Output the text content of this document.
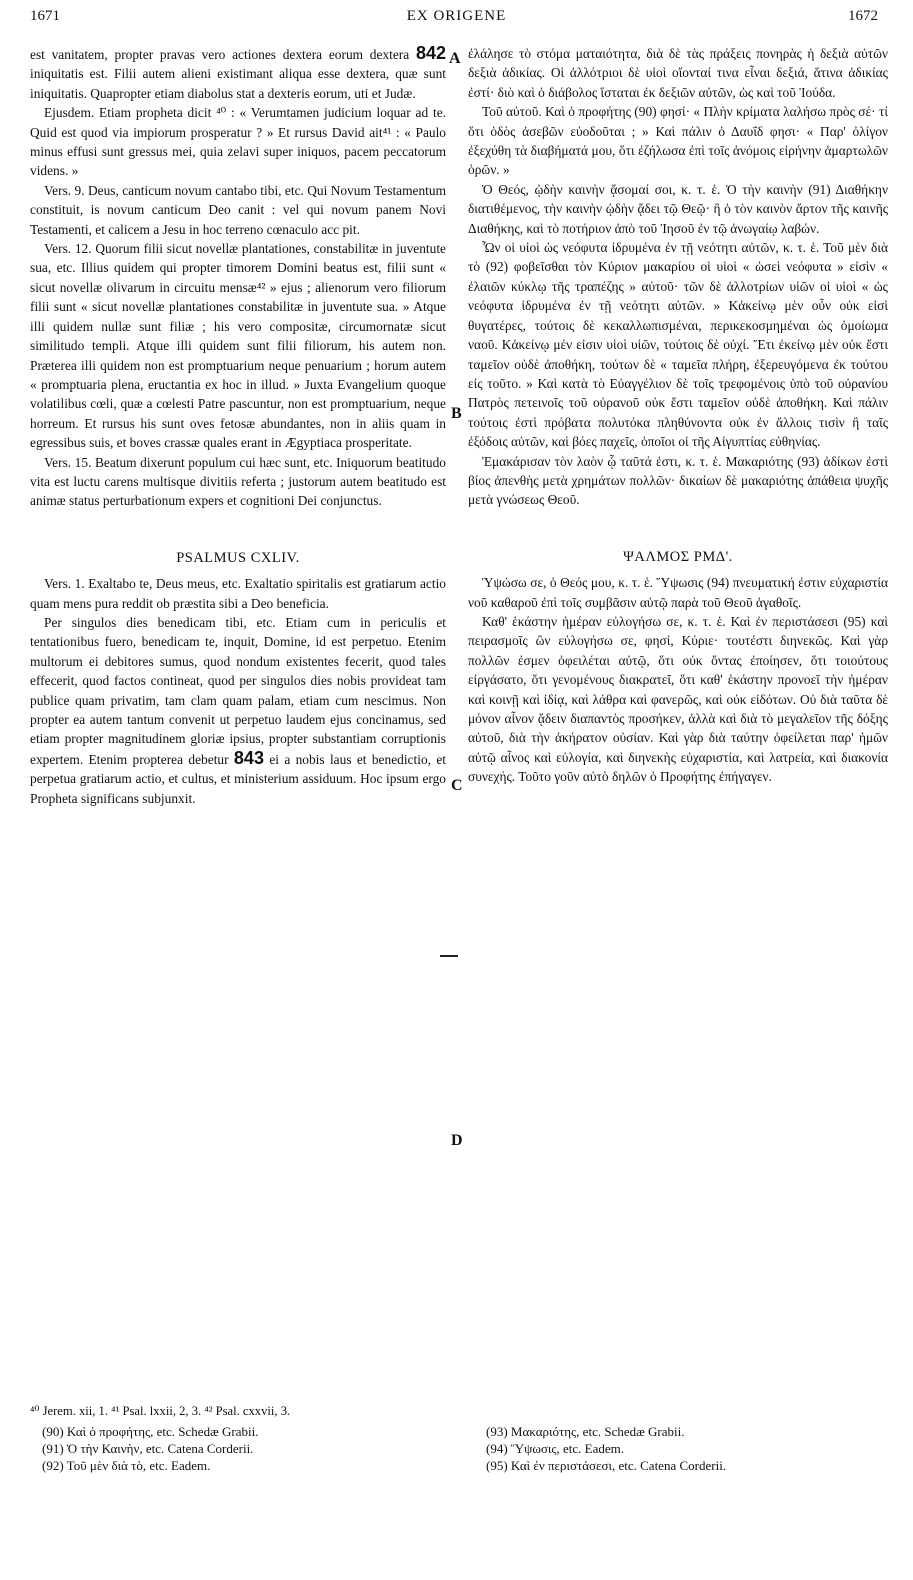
1671	EX ORIGENE	1672
A
B
C
D

est vanitatem, propter pravas vero actiones dextera eorum dextera 842 iniquitatis est. Filii autem alieni existimant aliqua esse dextera, quæ sunt iniquitatis. Quapropter etiam diabolus stat a dexteris eorum, uti et Judæ.

Ejusdem. Etiam propheta dicit ⁴⁰ : « Verumtamen judicium loquar ad te. Quid est quod via impiorum prosperatur ? » Et rursus David ait⁴¹ : « Paulo minus effusi sunt gressus mei, quia zelavi super iniquos, pacem peccatorum videns. »

Vers. 9. Deus, canticum novum cantabo tibi, etc. Qui Novum Testamentum constituit, is novum canticum Deo canit : vel qui novum panem Novi Testamenti, et calicem a Jesu in hoc terreno cœnaculo acc pit.

Vers. 12. Quorum filii sicut novellæ plantationes, constabilitæ in juventute sua, etc. Illius quidem qui propter timorem Domini beatus est, filii sunt « sicut novellæ olivarum in circuitu mensæ⁴² » ejus ; alienorum vero filiorum filii sunt « sicut novellæ plantationes constabilitæ in juventute sua. » Atque illi quidem nullæ sunt filiæ ; his vero compositæ, circumornatæ sicut similitudo templi. Atque illi quidem sunt filii filiorum, his autem non. Præterea illi quidem non est promptuarium neque penuarium ; horum autem « promptuaria plena, eructantia ex hoc in illud. » Juxta Evangelium quoque volatilibus cœli, quæ a cœlesti Patre pascuntur, non est promptuarium, neque horreum. Et rursus his sunt oves fetosæ abundantes, non in aliis quam in egressibus suis, et boves crassæ quales erant in Ægyptiaca prosperitate.

Vers. 15. Beatum dixerunt populum cui hæc sunt, etc. Iniquorum beatitudo vita est luctu carens multisque divitiis referta ; justorum autem beatitudo est animæ status perturbationum expers et cognitioni Dei conjunctus.

PSALMUS CXLIV.

Vers. 1. Exaltabo te, Deus meus, etc. Exaltatio spiritalis est gratiarum actio quam mens pura reddit ob præstita sibi a Deo beneficia.

Per singulos dies benedicam tibi, etc. Etiam cum in periculis et tentationibus fuero, benedicam te, inquit, Domine, id est perpetuo. Etenim multorum ei debitores sumus, quod nondum existentes fecerit, quod tales effecerit, quod factos contineat, quod per singulos dies nobis provideat tam publice quam privatim, tam clam quam palam, etiam cum nescimus. Non propter ea autem tantum convenit ut perpetuo laudem ejus concinamus, sed etiam propter magnitudinem gloriæ ipsius, propter substantiam corruptionis expertem. Etenim propterea debetur 843 ei a nobis laus et benedictio, et perpetua gratiarum actio, et cultus, et ministerium assiduum. Hoc ipsum ergo Propheta significans subjunxit.

ἐλάλησε τὸ στόμα ματαιότητα, διὰ δὲ τὰς πράξεις πονηρὰς ἡ δεξιὰ αὐτῶν δεξιὰ ἀδικίας. Οἱ ἀλλότριοι δὲ υἱοὶ οἴονταί τινα εἶναι δεξιά, ἅτινα ἀδικίας ἐστί· διὸ καὶ ὁ διάβολος ἵσταται ἐκ δεξιῶν αὐτῶν, ὡς καὶ τοῦ Ἰούδα.

Τοῦ αὐτοῦ. Καὶ ὁ προφήτης (90) φησί· « Πλὴν κρίματα λαλήσω πρὸς σέ· τί ὅτι ὁδὸς ἀσεβῶν εὐοδοῦται ; » Καὶ πάλιν ὁ Δαυΐδ φησι· « Παρ' ὀλίγον ἐξεχύθη τὰ διαβήματά μου, ὅτι ἐζήλωσα ἐπὶ τοῖς ἀνόμοις εἰρήνην ἁμαρτωλῶν ὁρῶν. »

Ὁ Θεός, ᾠδὴν καινὴν ᾄσομαί σοι, κ. τ. ἑ. Ὁ τὴν καινὴν (91) Διαθήκην διατιθέμενος, τὴν καινὴν ᾠδὴν ᾄδει τῷ Θεῷ· ἢ ὁ τὸν καινὸν ἄρτον τῆς καινῆς Διαθήκης, καὶ τὸ ποτήριον ἀπὸ τοῦ Ἰησοῦ ἐν τῷ ἀνωγαίῳ λαβών.

Ὧν οἱ υἱοὶ ὡς νεόφυτα ἱδρυμένα ἐν τῇ νεότητι αὐτῶν, κ. τ. ἑ. Τοῦ μὲν διὰ τὸ (92) φοβεῖσθαι τὸν Κύριον μακαρίου οἱ υἱοὶ « ὡσεὶ νεόφυτα » εἰσὶν « ἐλαιῶν κύκλῳ τῆς τραπέζης » αὐτοῦ· τῶν δὲ ἀλλοτρίων υἱῶν οἱ υἱοὶ « ὡς νεόφυτα ἱδρυμένα ἐν τῇ νεότητι αὐτῶν. » Κἀκείνῳ μὲν οὖν οὐκ εἰσὶ θυγατέρες, τούτοις δὲ κεκαλλωπισμέναι, περικεκοσμημέναι ὡς ὁμοίωμα ναοῦ. Κἀκείνῳ μέν εἰσιν υἱοὶ υἱῶν, τούτοις δὲ οὐχί. Ἔτι ἐκείνῳ μὲν οὐκ ἔστι ταμεῖον οὐδὲ ἀποθήκη, τούτων δὲ « ταμεῖα πλήρη, ἐξερευγόμενα ἐκ τούτου εἰς τοῦτο. » Καὶ κατὰ τὸ Εὐαγγέλιον δὲ τοῖς τρεφομένοις ὑπὸ τοῦ οὐρανίου Πατρὸς πετεινοῖς τοῦ οὐρανοῦ οὐκ ἔστι ταμεῖον οὐδὲ ἀποθήκη. Καὶ πάλιν τούτοις ἐστὶ πρόβατα πολυτόκα πληθύνοντα οὐκ ἐν ἄλλοις τισὶν ἢ ταῖς ἐξόδοις αὐτῶν, καὶ βόες παχεῖς, ὁποῖοι οἱ τῆς Αἰγυπτίας εὐθηνίας.

Ἐμακάρισαν τὸν λαὸν ᾧ ταῦτά ἐστι, κ. τ. ἑ. Μακαριότης (93) ἀδίκων ἐστὶ βίος ἀπενθὴς μετὰ χρημάτων πολλῶν· δικαίων δὲ μακαριότης ἀπάθεια ψυχῆς μετὰ γνώσεως Θεοῦ.

ΨΑΛΜΟΣ ΡΜΔ'.

Ὑψώσω σε, ὁ Θεός μου, κ. τ. ἑ. Ὕψωσις (94) πνευματική ἐστιν εὐχαριστία νοῦ καθαροῦ ἐπὶ τοῖς συμβᾶσιν αὐτῷ παρὰ τοῦ Θεοῦ ἀγαθοῖς.

Καθ' ἑκάστην ἡμέραν εὐλογήσω σε, κ. τ. ἑ. Καὶ ἐν περιστάσεσι (95) καὶ πειρασμοῖς ὢν εὐλογήσω σε, φησί, Κύριε· τουτέστι διηνεκῶς. Καὶ γὰρ πολλῶν ἐσμεν ὀφειλέται αὐτῷ, ὅτι οὐκ ὄντας ἐποίησεν, ὅτι τοιούτους εἰργάσατο, ὅτι γενομένους διακρατεῖ, ὅτι καθ' ἑκάστην προνοεῖ τὴν ἡμέραν καὶ κοινῇ καὶ ἰδίᾳ, καὶ λάθρα καὶ φανερῶς, καὶ οὐκ εἰδότων. Οὐ διὰ ταῦτα δὲ μόνον αἶνον ᾄδειν διαπαντὸς προσήκεν, ἀλλὰ καὶ διὰ τὸ μεγαλεῖον τῆς δόξης αὐτοῦ, διὰ τὴν ἀκήρατον οὐσίαν. Καὶ γὰρ διὰ ταύτην ὀφείλεται παρ' ἡμῶν αὐτῷ αἶνος καὶ εὐλογία, καὶ διηνεκὴς εὐχαριστία, καὶ λατρεία, καὶ διακονία συνεχής. Τοῦτο γοῦν αὐτὸ δηλῶν ὁ Προφήτης ἐπήγαγεν.

⁴⁰ Jerem. xii, 1. ⁴¹ Psal. lxxii, 2, 3. ⁴² Psal. cxxvii, 3.
(90) Καὶ ὁ προφήτης, etc. Schedæ Grabii.
(91) Ὁ τὴν Καινὴν, etc. Catena Corderii.
(92) Τοῦ μὲν διὰ τὸ, etc. Eadem.
(93) Μακαριότης, etc. Schedæ Grabii.
(94) Ὕψωσις, etc. Eadem.
(95) Καὶ ἐν περιστάσεσι, etc. Catena Corderii.
